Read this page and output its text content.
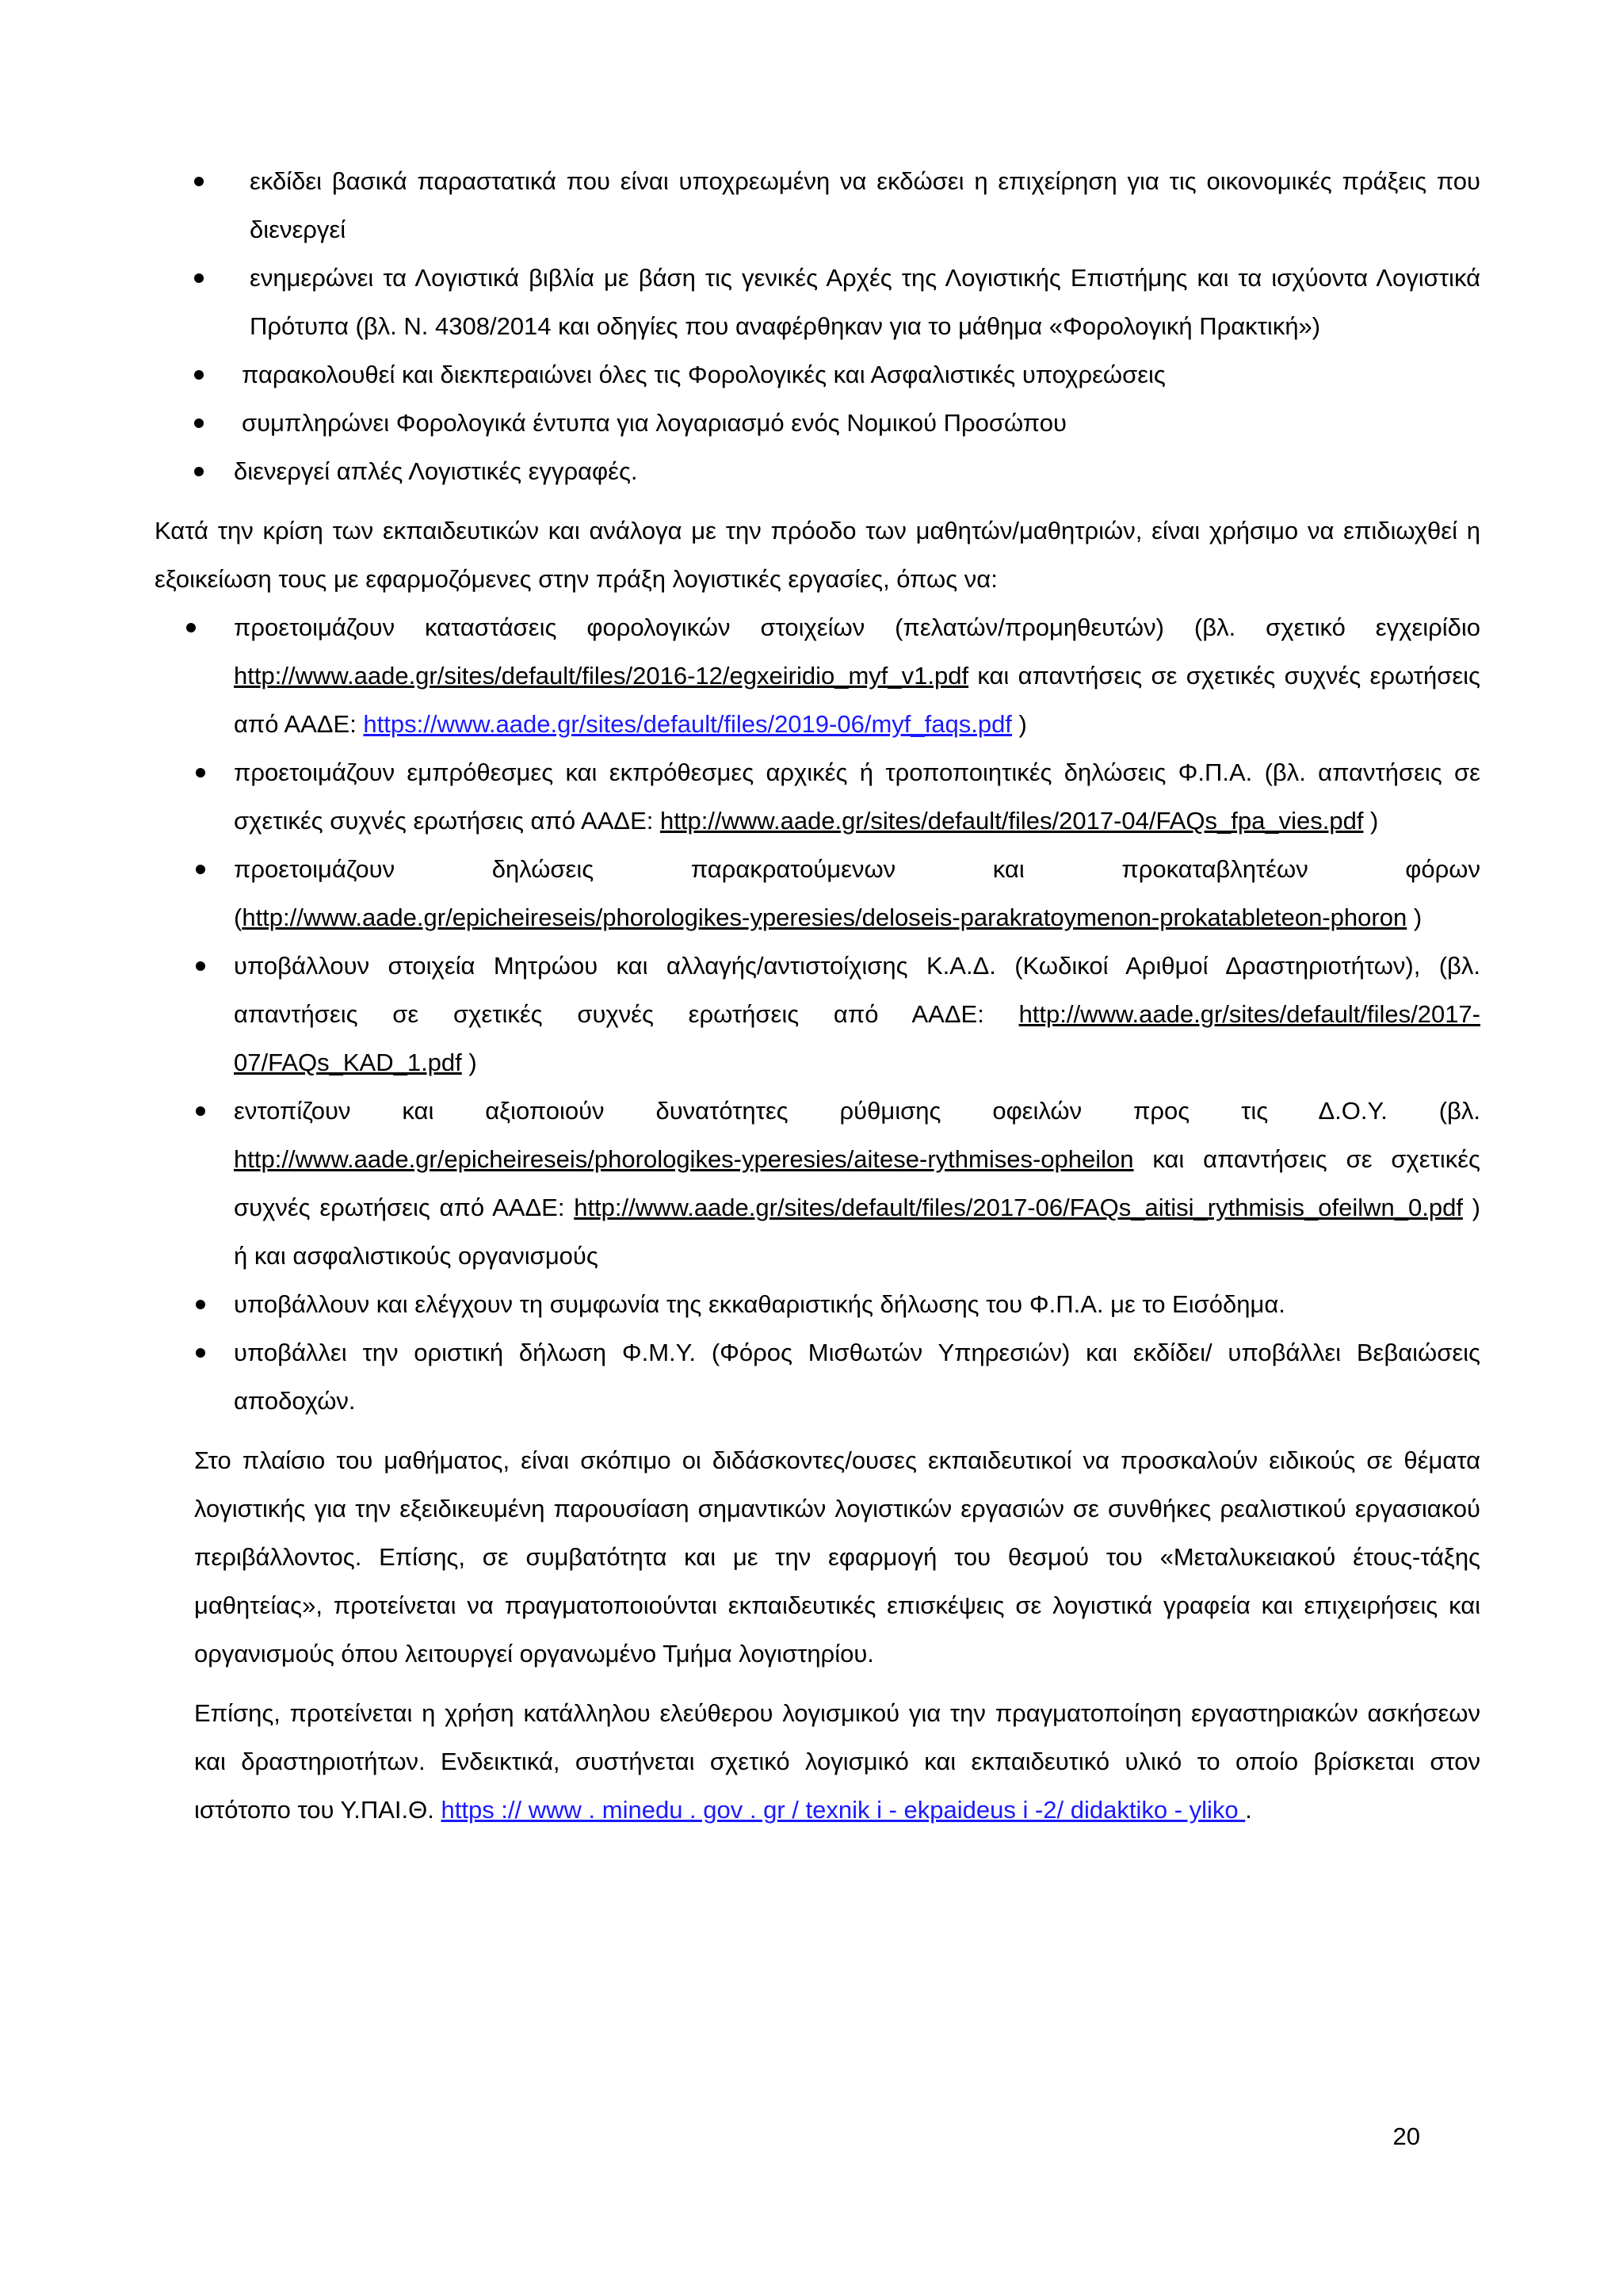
εκδίδει βασικά παραστατικά που είναι υποχρεωμένη να εκδώσει η επιχείρηση για τις οικονομικές πράξεις που διενεργεί
ενημερώνει τα Λογιστικά βιβλία με βάση τις γενικές Αρχές της Λογιστικής Επιστήμης και τα ισχύοντα Λογιστικά Πρότυπα (βλ. Ν. 4308/2014 και οδηγίες που αναφέρθηκαν για το μάθημα «Φορολογική Πρακτική»)
παρακολουθεί και διεκπεραιώνει όλες τις Φορολογικές και Ασφαλιστικές υποχρεώσεις
συμπληρώνει Φορολογικά έντυπα για λογαριασμό ενός Νομικού Προσώπου
διενεργεί απλές Λογιστικές εγγραφές.

Κατά την κρίση των εκπαιδευτικών και ανάλογα με την πρόοδο των μαθητών/μαθητριών, είναι χρήσιμο να επιδιωχθεί η εξοικείωση τους με εφαρμοζόμενες στην πράξη λογιστικές εργασίες, όπως να:

προετοιμάζουν καταστάσεις φορολογικών στοιχείων (πελατών/προμηθευτών) (βλ. σχετικό εγχειρίδιο http://www.aade.gr/sites/default/files/2016-12/egxeiridio_myf_v1.pdf και απαντήσεις σε σχετικές συχνές ερωτήσεις από ΑΑΔΕ: https://www.aade.gr/sites/default/files/2019-06/myf_faqs.pdf )
προετοιμάζουν εμπρόθεσμες και εκπρόθεσμες αρχικές ή τροποποιητικές δηλώσεις Φ.Π.Α. (βλ. απαντήσεις σε σχετικές συχνές ερωτήσεις από ΑΑΔΕ: http://www.aade.gr/sites/default/files/2017-04/FAQs_fpa_vies.pdf )
προετοιμάζουν δηλώσεις παρακρατούμενων και προκαταβλητέων φόρων (http://www.aade.gr/epicheireseis/phorologikes-yperesies/deloseis-parakratoymenon-prokatableteon-phoron )
υποβάλλουν στοιχεία Μητρώου και αλλαγής/αντιστοίχισης Κ.Α.Δ. (Κωδικοί Αριθμοί Δραστηριοτήτων), (βλ. απαντήσεις σε σχετικές συχνές ερωτήσεις από ΑΑΔΕ: http://www.aade.gr/sites/default/files/2017-07/FAQs_KAD_1.pdf )
εντοπίζουν και αξιοποιούν δυνατότητες ρύθμισης οφειλών προς τις Δ.Ο.Υ. (βλ. http://www.aade.gr/epicheireseis/phorologikes-yperesies/aitese-rythmises-opheilon και απαντήσεις σε σχετικές συχνές ερωτήσεις από ΑΑΔΕ: http://www.aade.gr/sites/default/files/2017-06/FAQs_aitisi_rythmisis_ofeilwn_0.pdf ) ή και ασφαλιστικούς οργανισμούς
υποβάλλουν και ελέγχουν τη συμφωνία της εκκαθαριστικής δήλωσης του Φ.Π.Α. με το Εισόδημα.
υποβάλλει την οριστική δήλωση Φ.Μ.Υ. (Φόρος Μισθωτών Υπηρεσιών) και εκδίδει/ υποβάλλει Βεβαιώσεις αποδοχών.

Στο πλαίσιο του μαθήματος, είναι σκόπιμο οι διδάσκοντες/ουσες εκπαιδευτικοί να προσκαλούν ειδικούς σε θέματα λογιστικής για την εξειδικευμένη παρουσίαση σημαντικών λογιστικών εργασιών σε συνθήκες ρεαλιστικού εργασιακού περιβάλλοντος. Επίσης, σε συμβατότητα και με την εφαρμογή του θεσμού του «Μεταλυκειακού έτους-τάξης μαθητείας», προτείνεται να πραγματοποιούνται εκπαιδευτικές επισκέψεις σε λογιστικά γραφεία και επιχειρήσεις και οργανισμούς όπου λειτουργεί οργανωμένο Τμήμα λογιστηρίου.

Επίσης, προτείνεται η χρήση κατάλληλου ελεύθερου λογισμικού για την πραγματοποίηση εργαστηριακών ασκήσεων και δραστηριοτήτων. Ενδεικτικά, συστήνεται σχετικό λογισμικό και εκπαιδευτικό υλικό το οποίο βρίσκεται στον ιστότοπο του Υ.ΠΑΙ.Θ. https :// www . minedu . gov . gr / texnik i - ekpaideus i -2/ didaktiko - yliko .

20
